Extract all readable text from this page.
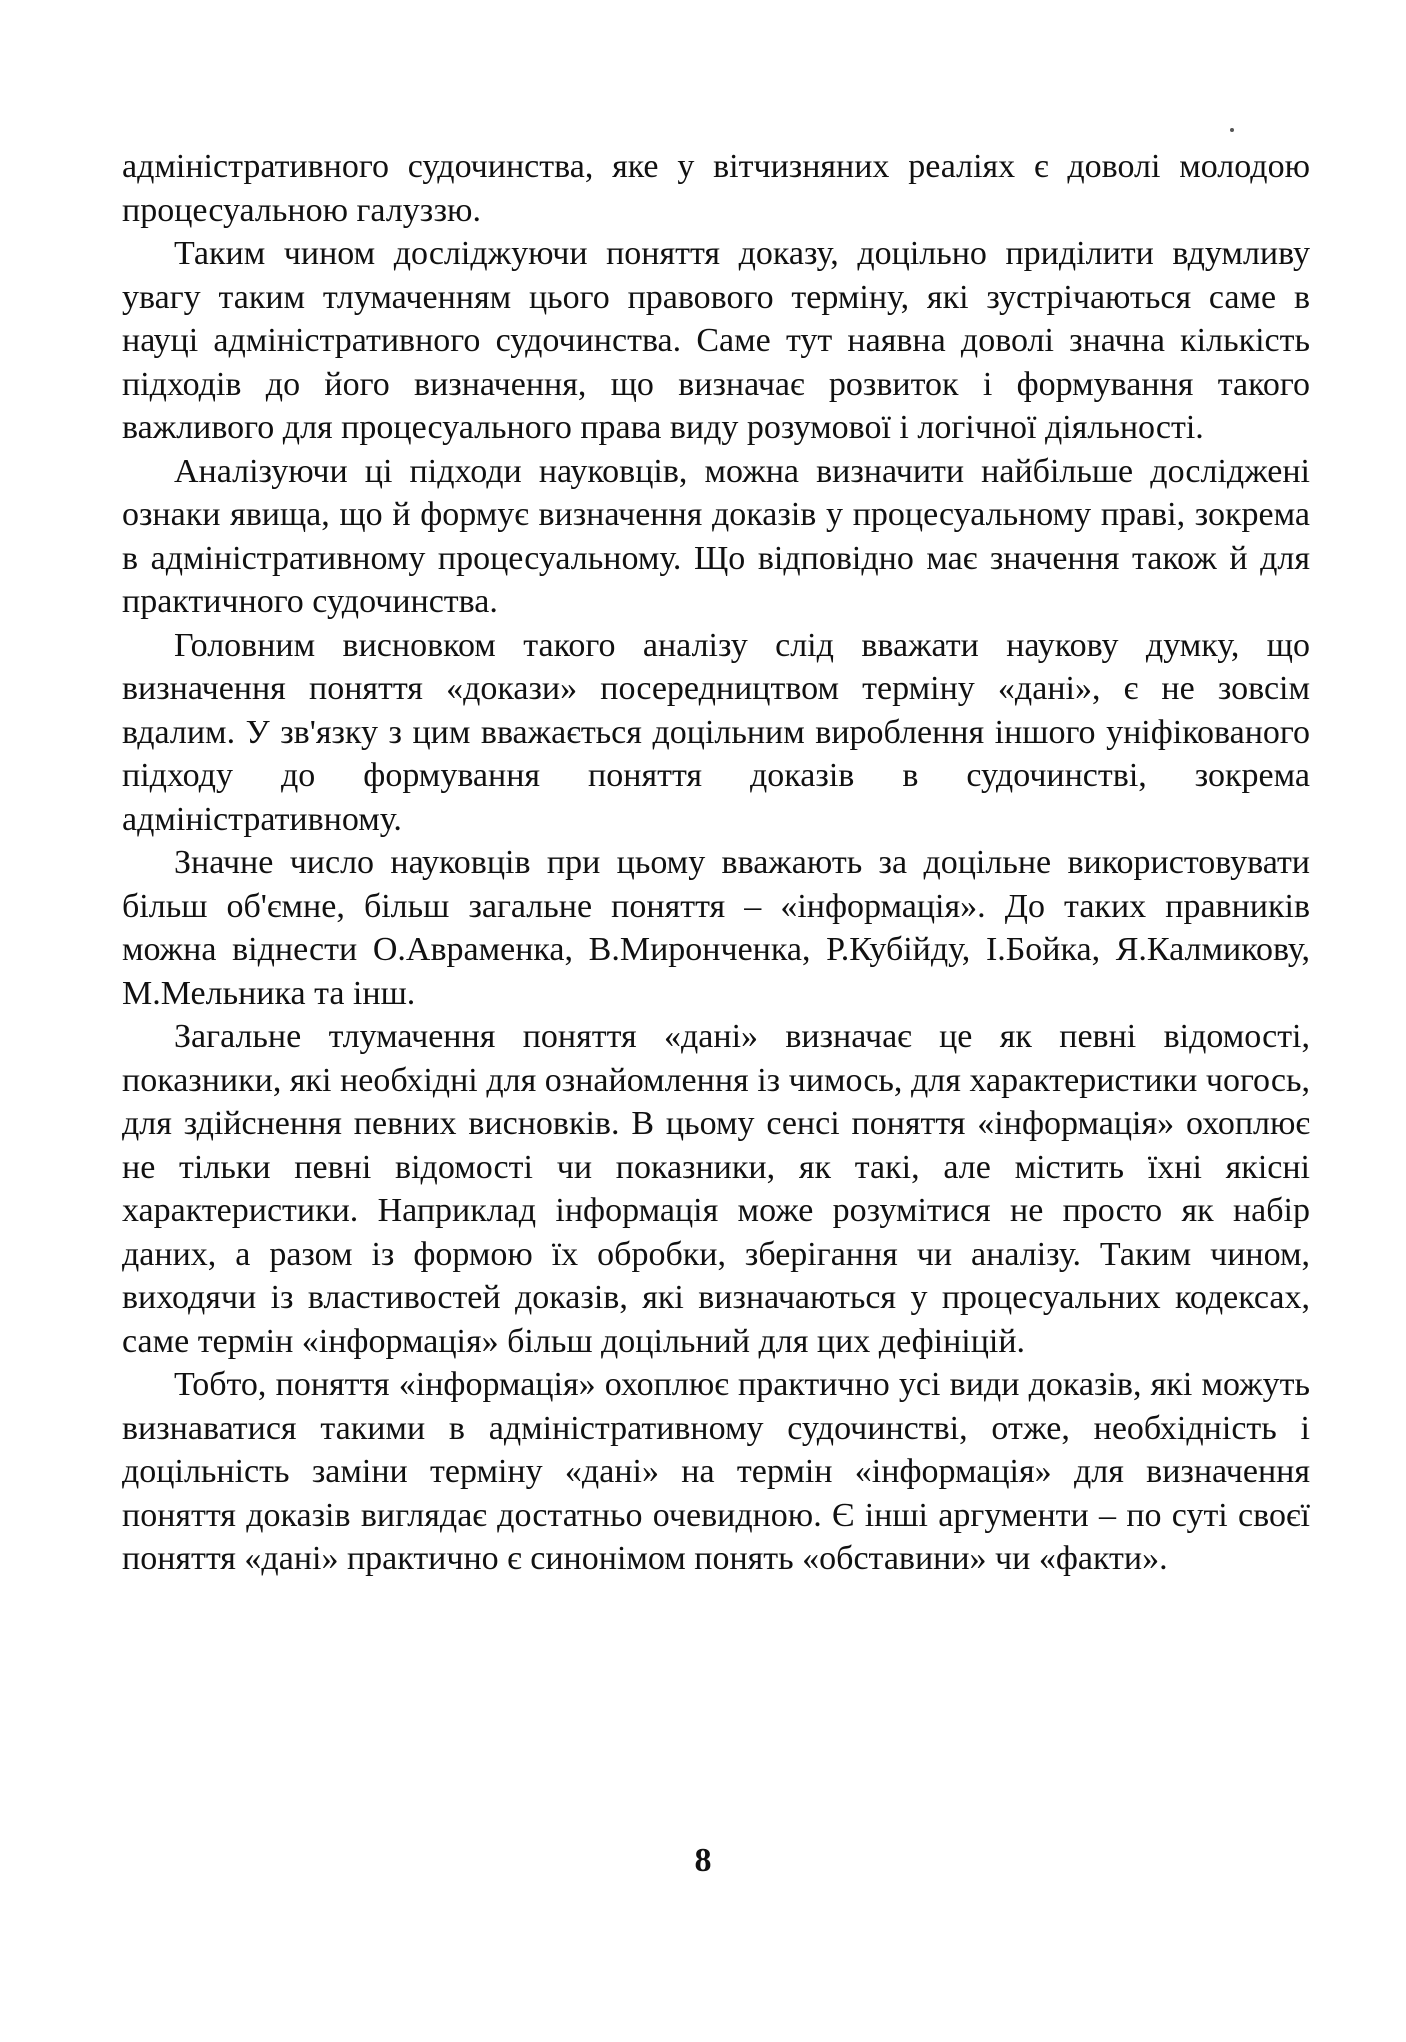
адміністративного судочинства, яке у вітчизняних реаліях є доволі молодою процесуальною галуззю.

Таким чином досліджуючи поняття доказу, доцільно приділити вдумливу увагу таким тлумаченням цього правового терміну, які зустрічаються саме в науці адміністративного судочинства. Саме тут наявна доволі значна кількість підходів до його визначення, що визначає розвиток і формування такого важливого для процесуального права виду розумової і логічної діяльності.

Аналізуючи ці підходи науковців, можна визначити найбільше досліджені ознаки явища, що й формує визначення доказів у процесуальному праві, зокрема в адміністративному процесуальному. Що відповідно має значення також й для практичного судочинства.

Головним висновком такого аналізу слід вважати наукову думку, що визначення поняття «докази» посередництвом терміну «дані», є не зовсім вдалим. У зв'язку з цим вважається доцільним вироблення іншого уніфікованого підходу до формування поняття доказів в судочинстві, зокрема адміністративному.

Значне число науковців при цьому вважають за доцільне використовувати більш об'ємне, більш загальне поняття – «інформація». До таких правників можна віднести О.Авраменка, В.Миронченка, Р.Кубійду, І.Бойка, Я.Калмикову, М.Мельника та інш.

Загальне тлумачення поняття «дані» визначає це як певні відомості, показники, які необхідні для ознайомлення із чимось, для характеристики чогось, для здійснення певних висновків. В цьому сенсі поняття «інформація» охоплює не тільки певні відомості чи показники, як такі, але містить їхні якісні характеристики. Наприклад інформація може розумітися не просто як набір даних, а разом із формою їх обробки, зберігання чи аналізу. Таким чином, виходячи із властивостей доказів, які визначаються у процесуальних кодексах, саме термін «інформація» більш доцільний для цих дефініцій.

Тобто, поняття «інформація» охоплює практично усі види доказів, які можуть визнаватися такими в адміністративному судочинстві, отже, необхідність і доцільність заміни терміну «дані» на термін «інформація» для визначення поняття доказів виглядає достатньо очевидною. Є інші аргументи – по суті своєї поняття «дані» практично є синонімом понять «обставини» чи «факти».

8
